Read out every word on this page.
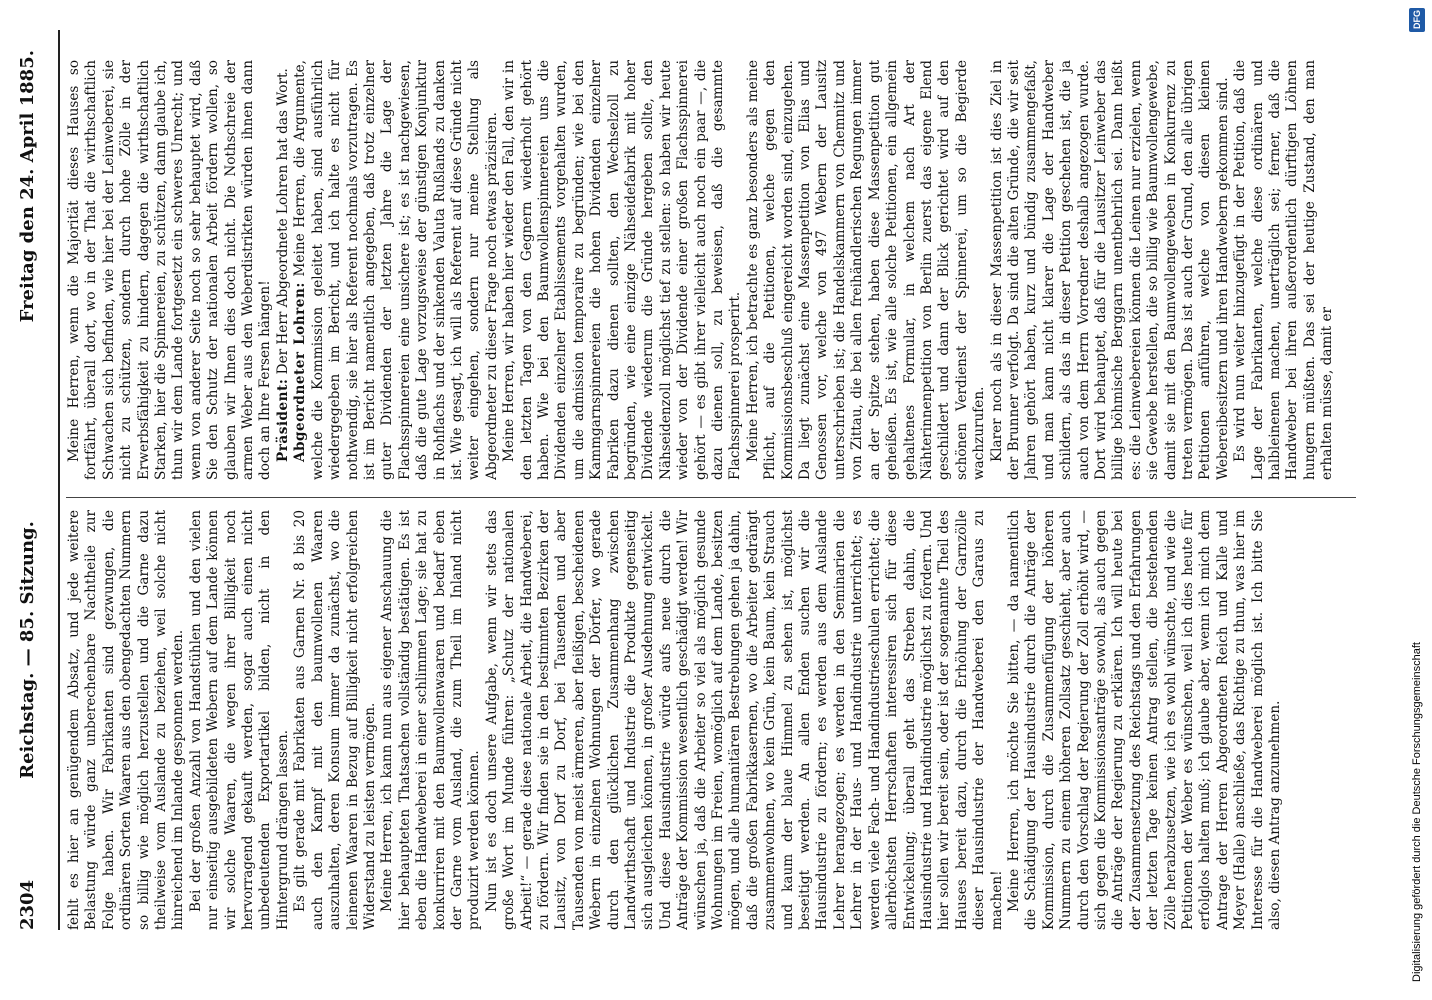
2304
Reichstag. — 85. Sitzung.
Freitag den 24. April 1885.

fehlt es hier an genügendem Absatz, und jede weitere Belastung würde ganz unberechenbare Nachtheile zur Folge haben. Wir Fabrikanten sind gezwungen, die ordinären Sorten Waaren aus den obengedachten Nummern so billig wie möglich herzustellen und die Garne dazu theilweise vom Auslande zu beziehen, weil solche nicht hinreichend im Inlande gesponnen werden. Bei der großen Anzahl von Handstühlen und den vielen nur einseitig ausgebildeten Webern auf dem Lande können wir solche Waaren, die wegen ihrer Billigkeit noch hervorragend gekauft werden, sogar auch einen nicht unbedeutenden Exportartikel bilden, nicht in den Hintergrund drängen lassen. Es gilt gerade mit Fabrikaten aus Garnen Nr. 8 bis 20 auch den Kampf mit den baumwollenen Waaren auszuhalten, deren Konsum immer da zunächst, wo die leinenen Waaren in Bezug auf Billigkeit nicht erfolgreichen Widerstand zu leisten vermögen. Meine Herren, ich kann nun aus eigener Anschauung die hier behaupteten Thatsachen vollständig bestätigen. Es ist eben die Handweberei in einer schlimmen Lage; sie hat zu konkurriren mit den Baumwollenwaaren und bedarf eben der Garne vom Ausland, die zum Theil im Inland nicht produzirt werden können. Nun ist es doch unsere Aufgabe, wenn wir stets das große Wort im Munde führen: „Schutz der nationalen Arbeit!“ — gerade diese nationale Arbeit, die Handweberei, zu fördern. Wir finden sie in den bestimmten Bezirken der Lausitz, von Dorf zu Dorf, bei Tausenden und aber Tausenden von meist ärmeren, aber fleißigen, bescheidenen Webern in einzelnen Wohnungen der Dörfer, wo gerade durch den glücklichen Zusammenhang zwischen Landwirthschaft und Industrie die Produkte gegenseitig sich ausgleichen können, in großer Ausdehnung entwickelt. Und diese Hausindustrie würde aufs neue durch die Anträge der Kommission wesentlich geschädigt werden! Wir wünschen ja, daß die Arbeiter so viel als möglich gesunde Wohnungen im Freien, womöglich auf dem Lande, besitzen mögen, und alle humanitären Bestrebungen gehen ja dahin, daß die großen Fabrikkasernen, wo die Arbeiter gedrängt zusammenwohnen, wo kein Grün, kein Baum, kein Strauch und kaum der blaue Himmel zu sehen ist, möglichst beseitigt werden. An allen Enden suchen wir die Hausindustrie zu fördern; es werden aus dem Auslande Lehrer herangezogen; es werden in den Seminarien die Lehrer in der Haus- und Handindustrie unterrichtet; es werden viele Fach- und Handindustrieschulen errichtet; die allerhöchsten Herrschaften interessiren sich für diese Entwickelung; überall geht das Streben dahin, die Hausindustrie und Handindustrie möglichst zu fördern. Und hier sollen wir bereit sein, oder ist der sogenannte Theil des Hauses bereit dazu, durch die Erhöhung der Garnzölle dieser Hausindustrie der Handweberei den Garaus zu machen! Meine Herren, ich möchte Sie bitten, — da namentlich die Schädigung der Hausindustrie durch die Anträge der Kommission, durch die Zusammenfügung der höheren Nummern zu einem höheren Zollsatz geschieht, aber auch durch den Vorschlag der Regierung der Zoll erhöht wird, — sich gegen die Kommissionsanträge sowohl, als auch gegen die Anträge der Regierung zu erklären. Ich will heute bei der Zusammensetzung des Reichstags und den Erfahrungen der letzten Tage keinen Antrag stellen, die bestehenden Zölle herabzusetzen, wie ich es wohl wünschte, und wie die Petitionen der Weber es wünschen, weil ich dies heute für erfolglos halten muß; ich glaube aber, wenn ich mich dem Antrage der Herren Abgeordneten Reich und Kalle und Meyer (Halle) anschließe, das Richtige zu thun, was hier im Interesse für die Handweberei möglich ist. Ich bitte Sie also, diesen Antrag anzunehmen.

Meine Herren, wenn die Majorität dieses Hauses so fortfährt, überall dort, wo in der That die wirthschaftlich Schwachen sich befinden, wie hier bei der Leinweberei, sie nicht zu schützen, sondern durch hohe Zölle in der Erwerbsfähigkeit zu hindern, dagegen die wirthschaftlich Starken, hier die Spinnereien, zu schützen, dann glaube ich, thun wir dem Lande fortgesetzt ein schweres Unrecht; und wenn von anderer Seite noch so sehr behauptet wird, daß Sie den Schutz der nationalen Arbeit fördern wollen, so glauben wir Ihnen dies doch nicht. Die Nothschreie der armen Weber aus den Weberdistrikten würden ihnen dann doch an Ihre Fersen hängen! Präsident: Der Herr Abgeordnete Lohren hat das Wort. Abgeordneter Lohren: Meine Herren, die Argumente, welche die Kommission geleitet haben, sind ausführlich wiedergegeben im Bericht, und ich halte es nicht für nothwendig, sie hier als Referent nochmals vorzutragen. Es ist im Bericht namentlich angegeben, daß trotz einzelner guter Dividenden der letzten Jahre die Lage der Flachsspinnereien eine unsichere ist; es ist nachgewiesen, daß die gute Lage vorzugsweise der günstigen Konjunktur in Rohflachs und der sinkenden Valuta Rußlands zu danken ist. Wie gesagt, ich will als Referent auf diese Gründe nicht weiter eingehen, sondern nur meine Stellung als Abgeordneter zu dieser Frage noch etwas präzisiren. Meine Herren, wir haben hier wieder den Fall, den wir in den letzten Tagen von den Gegnern wiederholt gehört haben. Wie bei den Baumwollenspinnereien uns die Dividenden einzelner Etablissements vorgehalten wurden, um die admission temporaire zu begründen; wie bei den Kammgarnspinnereien die hohen Dividenden einzelner Fabriken dazu dienen sollten, den Wechselzoll zu begründen, wie eine einzige Nähseidefabrik mit hoher Dividende wiederum die Gründe hergeben sollte, den Nähseidenzoll möglichst tief zu stellen: so haben wir heute wieder von der Dividende einer großen Flachsspinnerei gehört — es gibt ihrer vielleicht auch noch ein paar —, die dazu dienen soll, zu beweisen, daß die gesammte Flachsspinnerei prosperirt. Meine Herren, ich betrachte es ganz besonders als meine Pflicht, auf die Petitionen, welche gegen den Kommissionsbeschluß eingereicht worden sind, einzugehen. Da liegt zunächst eine Massenpetition von Elias und Genossen vor, welche von 497 Webern der Lausitz unterschrieben ist; die Handelskammern von Chemnitz und von Zittau, die bei allen freihändlerischen Regungen immer an der Spitze stehen, haben diese Massenpetition gut geheißen. Es ist, wie alle solche Petitionen, ein allgemein gehaltenes Formular, in welchem nach Art der Nähterinnenpetition von Berlin zuerst das eigene Elend geschildert und dann der Blick gerichtet wird auf den schönen Verdienst der Spinnerei, um so die Begierde wachzurufen. Klarer noch als in dieser Massenpetition ist dies Ziel in der Brunner verfolgt. Da sind die alten Gründe, die wir seit Jahren gehört haben, kurz und bündig zusammengefaßt, und man kann nicht klarer die Lage der Handweber schildern, als das in dieser Petition geschehen ist, die ja auch von dem Herrn Vorredner deshalb angezogen wurde. Dort wird behauptet, daß für die Lausitzer Leinweber das billige böhmische Berggarn unentbehrlich sei. Dann heißt es: die Leinwebereien können die Leinen nur erzielen, wenn sie Gewebe herstellen, die so billig wie Baumwollengewebe, damit sie mit den Baumwollengeweben in Konkurrenz zu treten vermögen. Das ist auch der Grund, den alle übrigen Petitionen anführen, welche von diesen kleinen Webereibesitzern und ihren Handwebern gekommen sind. Es wird nun weiter hinzugefügt in der Petition, daß die Lage der Fabrikanten, welche diese ordinären und halbleinenen machen, unerträglich sei; ferner, daß die Handweber bei ihren außerordentlich dürftigen Löhnen hungern müßten. Das sei der heutige Zustand, den man erhalten müsse, damit er

Digitalisierung gefördert durch die Deutsche Forschungsgemeinschaft
DFG
